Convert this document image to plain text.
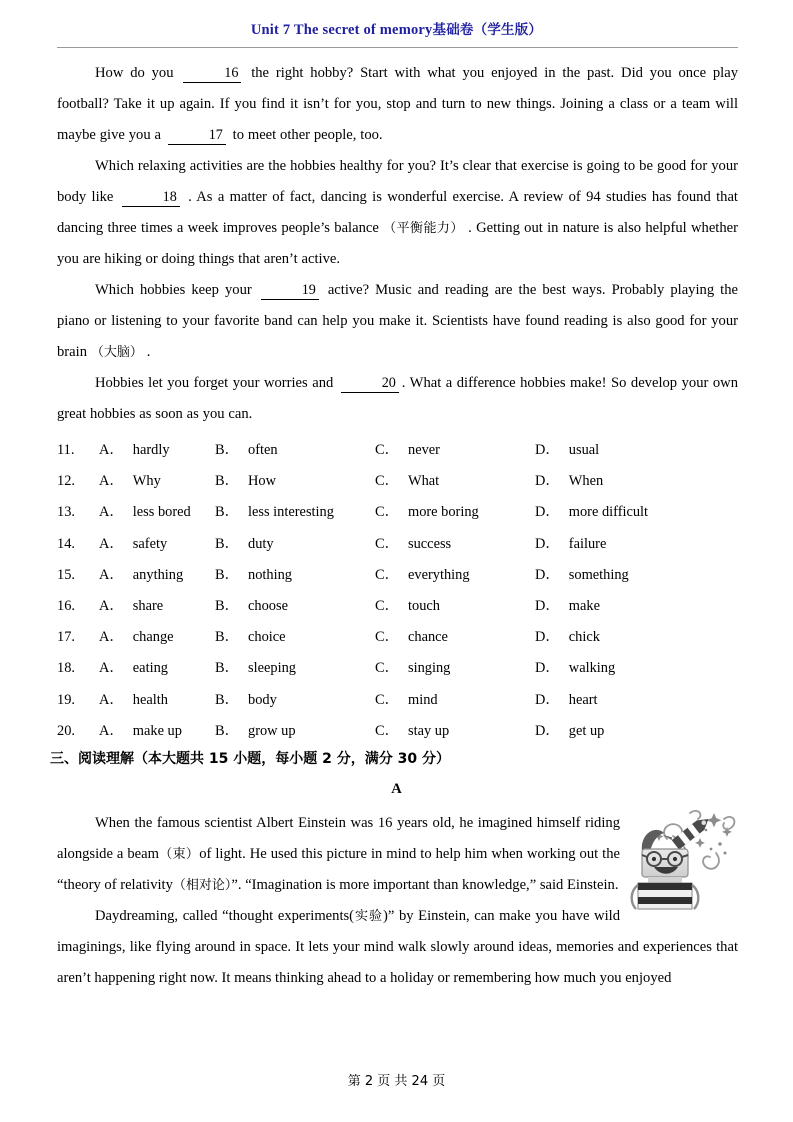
Unit 7 The secret of memory基础卷（学生版）

How do you	16 the right hobby? Start with what you enjoyed in the past. Did you once play football? Take it up again. If you find it isn’t for you, stop and turn to new things. Joining a class or a team will maybe give you a	17 to meet other people, too.

Which relaxing activities are the hobbies healthy for you? It’s clear that exercise is going to be good for your body like	18 . As a matter of fact, dancing is wonderful exercise. A review of 94 studies has found that dancing three times a week improves people’s balance （平衡能力） . Getting out in nature is also helpful whether you are hiking or doing things that aren’t active.

Which hobbies keep your	19 active? Music and reading are the best ways. Probably playing the piano or listening to your favorite band can help you make it. Scientists have found reading is also good for your brain （大脑） .

Hobbies let you forget your worries and	20 . What a difference hobbies make! So develop your own great hobbies as soon as you can.

11.	A． hardly	B． often	C． never	D． usual
12.	A． Why	B． How	C． What	D． When
13.	A． less bored B． less interesting	C． more boring	D． more difficult
14.	A． safety	B． duty	C． success	D． failure
15.	A． anything B． nothing	C． everything	D． something
16.	A． share	B． choose	C． touch	D． make
17.	A． change	B． choice	C． chance	D． chick
18.	A． eating	B． sleeping	C． singing	D． walking
19.	A． health	B． body	C． mind	D． heart
20.	A． make up B． grow up	C． stay up	D． get up
三、阅读理解（本大题共 15 小题，每小题 2 分，满分 30 分）
A

When the famous scientist Albert Einstein was 16 years old, he imagined himself riding alongside a beam（束）of light. He used this picture in mind to help him when working out the “theory of relativity（相对论）”. “Imagination is more important than knowledge,” said Einstein.

Daydreaming, called “thought experiments(实验)” by Einstein, can make you have wild imaginings, like flying around in space. It lets your mind walk slowly around ideas, memories and experiences that aren’t happening right now. It means thinking ahead to a holiday or remembering how much you enjoyed

第 2 页 共 24 页
